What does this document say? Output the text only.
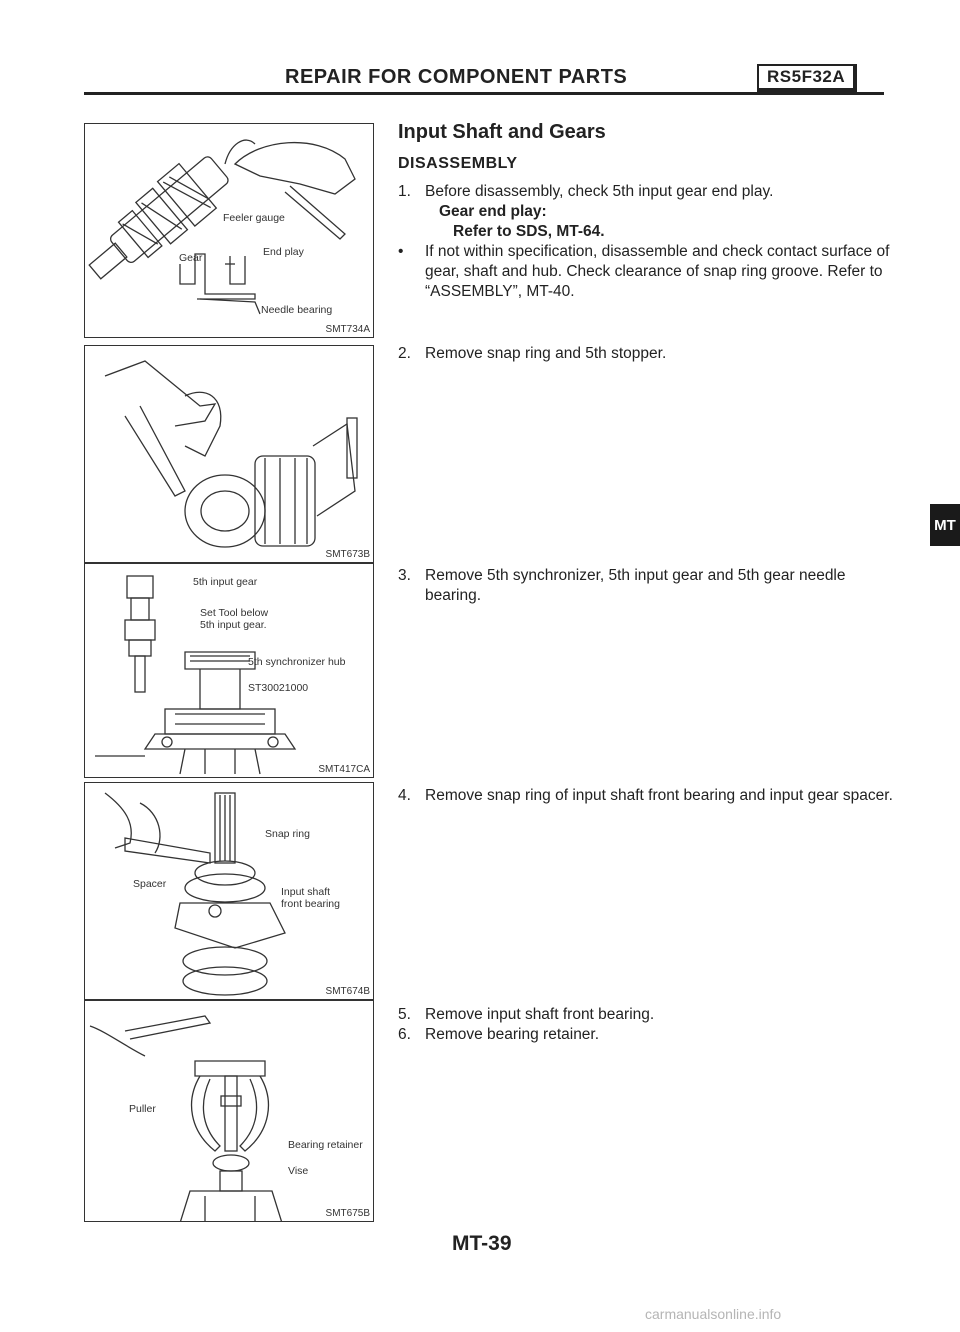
REPAIR FOR COMPONENT PARTS	RS5F32A
MT
Feeler gauge
End play
Gear
Needle bearing
SMT734A
SMT673B
5th input gear
Set Tool below
5th input gear.
5th synchronizer hub
ST30021000
SMT417CA
Snap ring
Spacer
Input shaft
front bearing
SMT674B
Puller
Bearing retainer
Vise
SMT675B
Input Shaft and Gears
DISASSEMBLY
1. Before disassembly, check 5th input gear end play.
Gear end play:
Refer to SDS, MT-64.
• If not within specification, disassemble and check contact surface of gear, shaft and hub. Check clearance of snap ring groove. Refer to “ASSEMBLY”, MT-40.
2. Remove snap ring and 5th stopper.
3. Remove 5th synchronizer, 5th input gear and 5th gear needle bearing.
4. Remove snap ring of input shaft front bearing and input gear spacer.
5. Remove input shaft front bearing.
6. Remove bearing retainer.
MT-39
carmanualsonline.info
